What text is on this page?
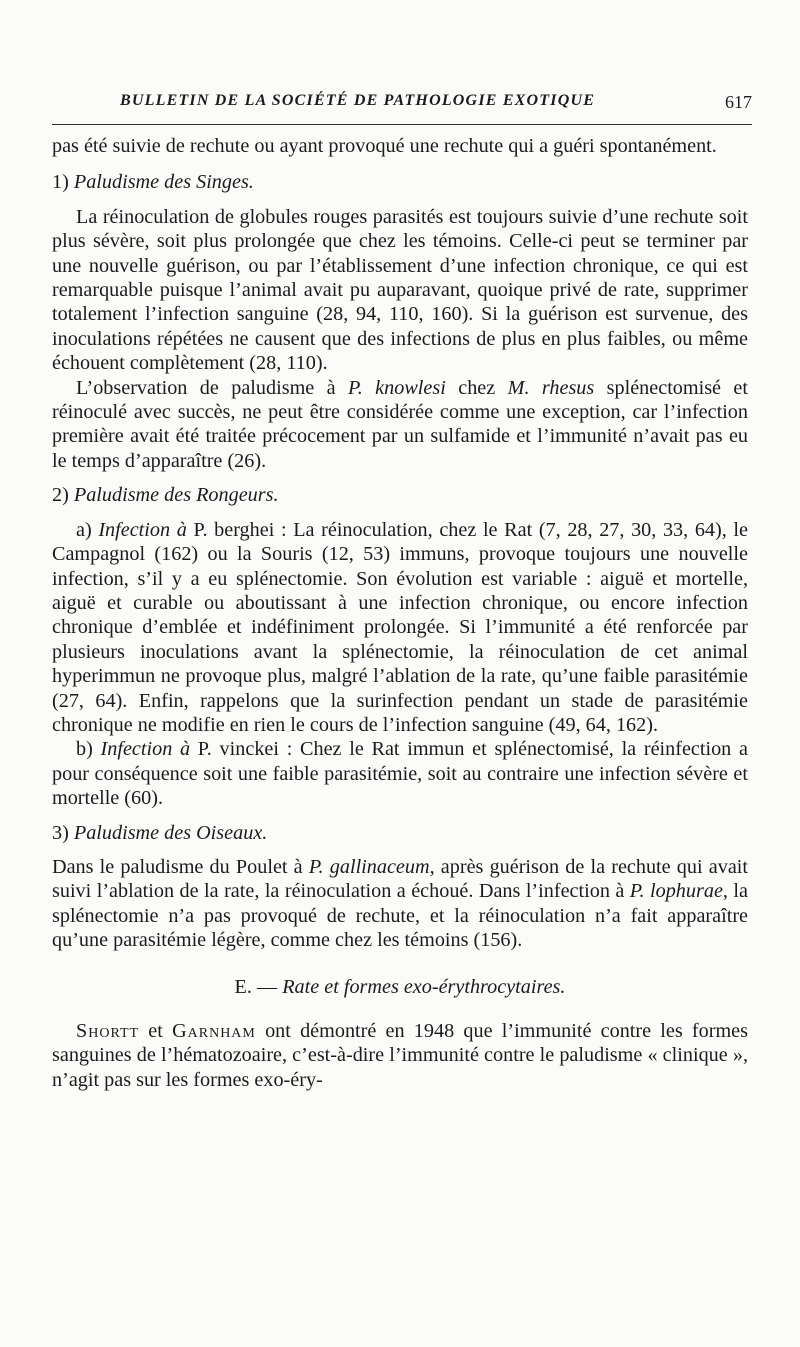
BULLETIN DE LA SOCIÉTÉ DE PATHOLOGIE EXOTIQUE	617

pas été suivie de rechute ou ayant provoqué une rechute qui a guéri spontanément.

1) Paludisme des Singes.

La réinoculation de globules rouges parasités est toujours suivie d’une rechute soit plus sévère, soit plus prolongée que chez les témoins. Celle-ci peut se terminer par une nouvelle guérison, ou par l’établissement d’une infection chronique, ce qui est remarquable puisque l’animal avait pu auparavant, quoique privé de rate, supprimer totalement l’infection sanguine (28, 94, 110, 160). Si la guérison est survenue, des inoculations répétées ne causent que des infections de plus en plus faibles, ou même échouent complètement (28, 110).

L’observation de paludisme à P. knowlesi chez M. rhesus splénectomisé et réinoculé avec succès, ne peut être considérée comme une exception, car l’infection première avait été traitée précocement par un sulfamide et l’immunité n’avait pas eu le temps d’apparaître (26).

2) Paludisme des Rongeurs.

a) Infection à P. berghei : La réinoculation, chez le Rat (7, 28, 27, 30, 33, 64), le Campagnol (162) ou la Souris (12, 53) immuns, provoque toujours une nouvelle infection, s’il y a eu splénectomie. Son évolution est variable : aiguë et mortelle, aiguë et curable ou aboutissant à une infection chronique, ou encore infection chronique d’emblée et indéfiniment prolongée. Si l’immunité a été renforcée par plusieurs inoculations avant la splénectomie, la réinoculation de cet animal hyperimmun ne provoque plus, malgré l’ablation de la rate, qu’une faible parasitémie (27, 64). Enfin, rappelons que la surinfection pendant un stade de parasitémie chronique ne modifie en rien le cours de l’infection sanguine (49, 64, 162).

b) Infection à P. vinckei : Chez le Rat immun et splénectomisé, la réinfection a pour conséquence soit une faible parasitémie, soit au contraire une infection sévère et mortelle (60).

3) Paludisme des Oiseaux.

Dans le paludisme du Poulet à P. gallinaceum, après guérison de la rechute qui avait suivi l’ablation de la rate, la réinoculation a échoué. Dans l’infection à P. lophurae, la splénectomie n’a pas provoqué de rechute, et la réinoculation n’a fait apparaître qu’une parasitémie légère, comme chez les témoins (156).

E. — Rate et formes exo-érythrocytaires.

Shortt et Garnham ont démontré en 1948 que l’immunité contre les formes sanguines de l’hématozoaire, c’est-à-dire l’immunité contre le paludisme « clinique », n’agit pas sur les formes exo-éry-
